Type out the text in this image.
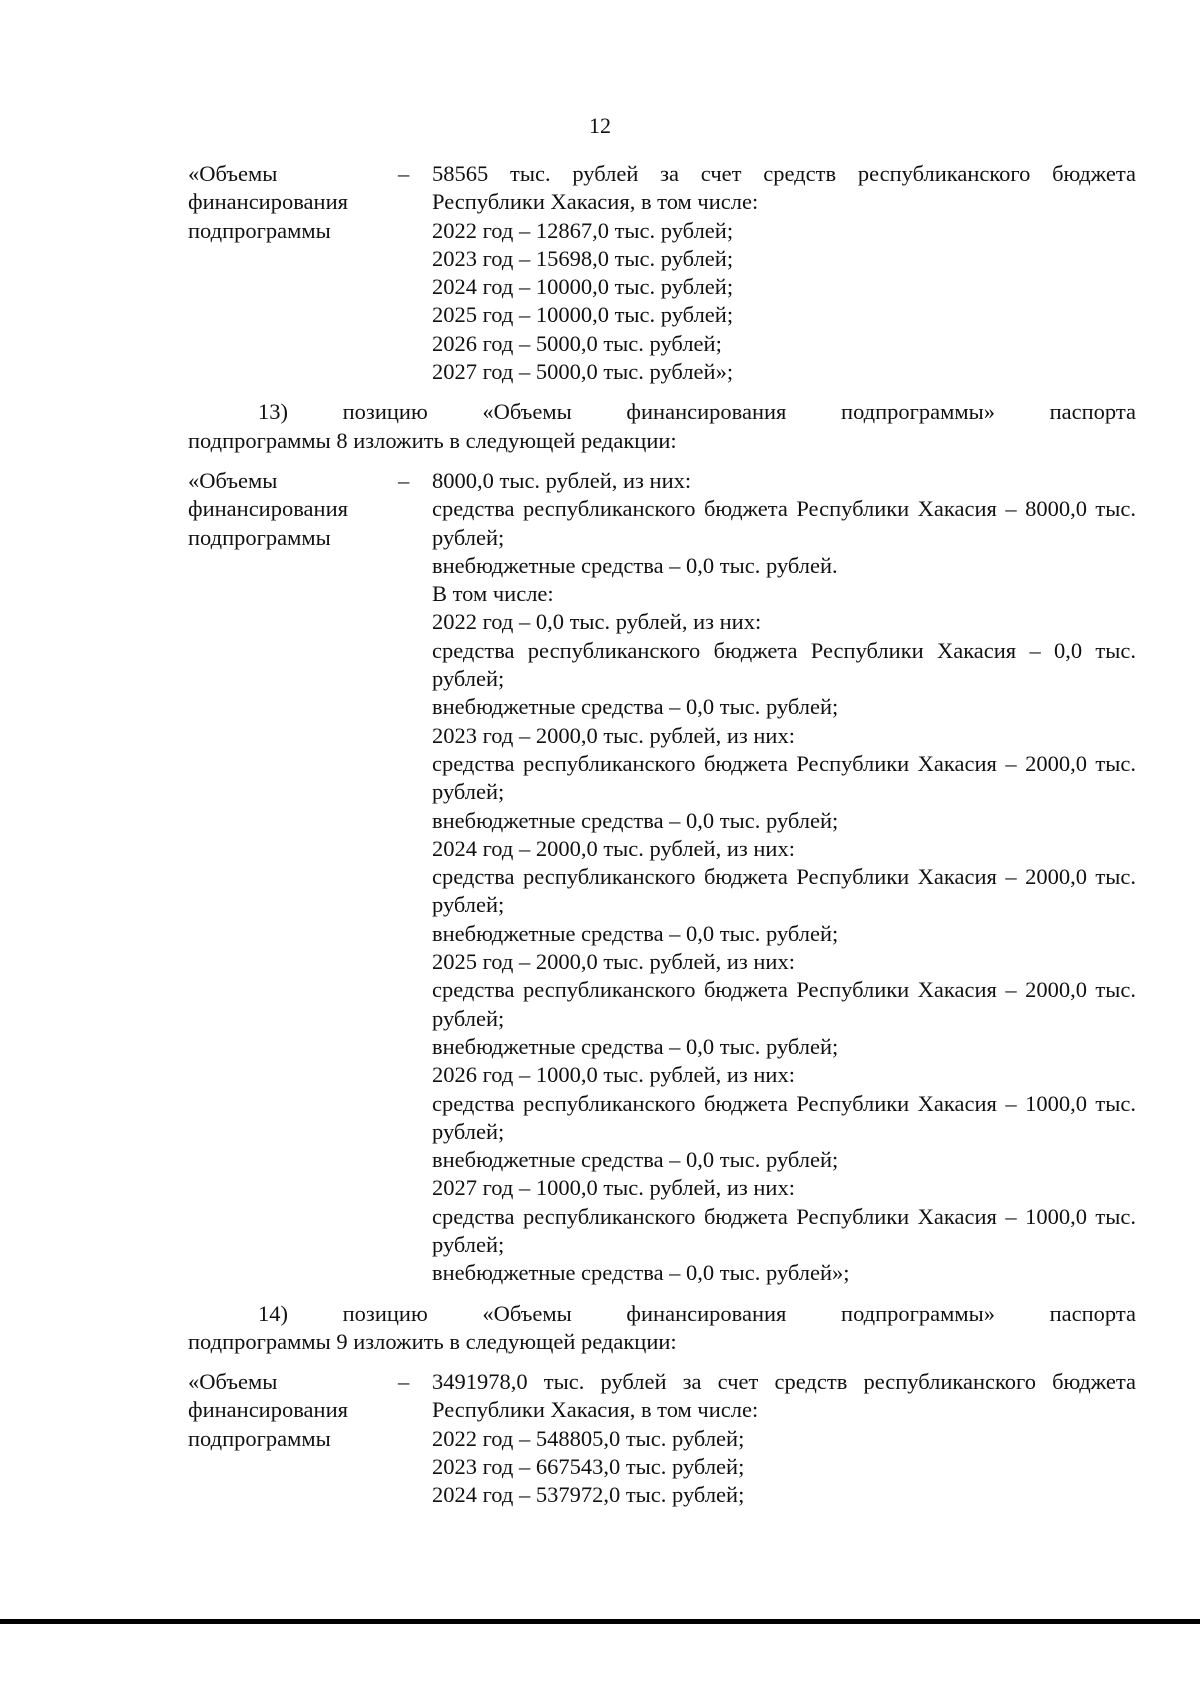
12
«Объемы
финансирования
подпрограммы
–	58565 тыс. рублей за счет средств республиканского бюджета Республики Хакасия, в том числе:

2022 год – 12867,0 тыс. рублей;

2023 год – 15698,0 тыс. рублей;

2024 год – 10000,0 тыс. рублей;

2025 год – 10000,0 тыс. рублей;

2026 год – 5000,0 тыс. рублей;

2027 год – 5000,0 тыс. рублей»;

13) позицию «Объемы финансирования подпрограммы» паспорта
подпрограммы 8 изложить в следующей редакции:
«Объемы
финансирования
подпрограммы
–	8000,0 тыс. рублей, из них:

средства республиканского бюджета Республики Хакасия – 8000,0 тыс. рублей;

внебюджетные средства – 0,0 тыс. рублей.

В том числе:

2022 год – 0,0 тыс. рублей, из них:

средства республиканского бюджета Республики Хакасия – 0,0 тыс. рублей;

внебюджетные средства – 0,0 тыс. рублей;

2023 год – 2000,0 тыс. рублей, из них:

средства республиканского бюджета Республики Хакасия – 2000,0 тыс. рублей;

внебюджетные средства – 0,0 тыс. рублей;

2024 год – 2000,0 тыс. рублей, из них:

средства республиканского бюджета Республики Хакасия – 2000,0 тыс. рублей;

внебюджетные средства – 0,0 тыс. рублей;

2025 год – 2000,0 тыс. рублей, из них:

средства республиканского бюджета Республики Хакасия – 2000,0 тыс. рублей;

внебюджетные средства – 0,0 тыс. рублей;

2026 год – 1000,0 тыс. рублей, из них:

средства республиканского бюджета Республики Хакасия – 1000,0 тыс. рублей;

внебюджетные средства – 0,0 тыс. рублей;

2027 год – 1000,0 тыс. рублей, из них:

средства республиканского бюджета Республики Хакасия – 1000,0 тыс. рублей;

внебюджетные средства – 0,0 тыс. рублей»;

14) позицию «Объемы финансирования подпрограммы» паспорта
подпрограммы 9 изложить в следующей редакции:
«Объемы
финансирования
подпрограммы
–	3491978,0 тыс. рублей за счет средств республиканского бюджета Республики Хакасия, в том числе:

2022 год – 548805,0 тыс. рублей;

2023 год – 667543,0 тыс. рублей;

2024 год – 537972,0 тыс. рублей;
